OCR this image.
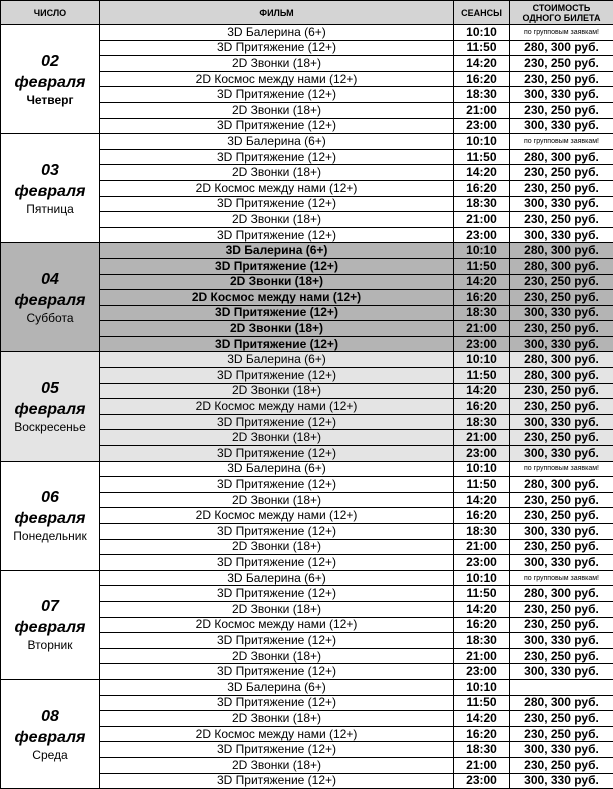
ЧИСЛО	ФИЛЬМ	СЕАНСЫ	СТОИМОСТЬ
ОДНОГО БИЛЕТА

02
февраля
Четверг	3D Балерина (6+)	10:10	по групповым заявкам!
	3D Притяжение (12+)	11:50	280, 300 руб.
	2D Звонки (18+)	14:20	230, 250 руб.
	2D Космос между нами (12+)	16:20	230, 250 руб.
	3D Притяжение (12+)	18:30	300, 330 руб.
	2D Звонки (18+)	21:00	230, 250 руб.
	3D Притяжение (12+)	23:00	300, 330 руб.

03
февраля
Пятница	3D Балерина (6+)	10:10	по групповым заявкам!
	3D Притяжение (12+)	11:50	280, 300 руб.
	2D Звонки (18+)	14:20	230, 250 руб.
	2D Космос между нами (12+)	16:20	230, 250 руб.
	3D Притяжение (12+)	18:30	300, 330 руб.
	2D Звонки (18+)	21:00	230, 250 руб.
	3D Притяжение (12+)	23:00	300, 330 руб.

04
февраля
Суббота	3D Балерина (6+)	10:10	280, 300 руб.
	3D Притяжение (12+)	11:50	280, 300 руб.
	2D Звонки (18+)	14:20	230, 250 руб.
	2D Космос между нами (12+)	16:20	230, 250 руб.
	3D Притяжение (12+)	18:30	300, 330 руб.
	2D Звонки (18+)	21:00	230, 250 руб.
	3D Притяжение (12+)	23:00	300, 330 руб.

05
февраля
Воскресенье	3D Балерина (6+)	10:10	280, 300 руб.
	3D Притяжение (12+)	11:50	280, 300 руб.
	2D Звонки (18+)	14:20	230, 250 руб.
	2D Космос между нами (12+)	16:20	230, 250 руб.
	3D Притяжение (12+)	18:30	300, 330 руб.
	2D Звонки (18+)	21:00	230, 250 руб.
	3D Притяжение (12+)	23:00	300, 330 руб.

06
февраля
Понедельник	3D Балерина (6+)	10:10	по групповым заявкам!
	3D Притяжение (12+)	11:50	280, 300 руб.
	2D Звонки (18+)	14:20	230, 250 руб.
	2D Космос между нами (12+)	16:20	230, 250 руб.
	3D Притяжение (12+)	18:30	300, 330 руб.
	2D Звонки (18+)	21:00	230, 250 руб.
	3D Притяжение (12+)	23:00	300, 330 руб.

07
февраля
Вторник	3D Балерина (6+)	10:10	по групповым заявкам!
	3D Притяжение (12+)	11:50	280, 300 руб.
	2D Звонки (18+)	14:20	230, 250 руб.
	2D Космос между нами (12+)	16:20	230, 250 руб.
	3D Притяжение (12+)	18:30	300, 330 руб.
	2D Звонки (18+)	21:00	230, 250 руб.
	3D Притяжение (12+)	23:00	300, 330 руб.

08
февраля
Среда	3D Балерина (6+)	10:10	
	3D Притяжение (12+)	11:50	280, 300 руб.
	2D Звонки (18+)	14:20	230, 250 руб.
	2D Космос между нами (12+)	16:20	230, 250 руб.
	3D Притяжение (12+)	18:30	300, 330 руб.
	2D Звонки (18+)	21:00	230, 250 руб.
	3D Притяжение (12+)	23:00	300, 330 руб.
